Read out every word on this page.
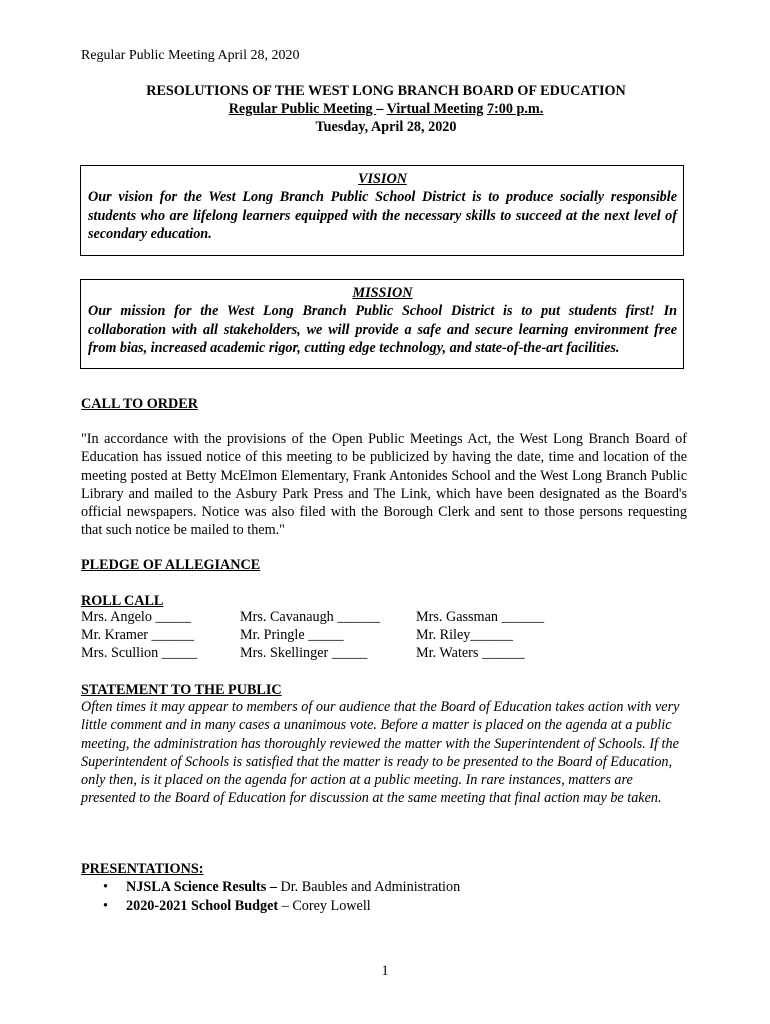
Regular Public Meeting April 28, 2020
RESOLUTIONS OF THE WEST LONG BRANCH BOARD OF EDUCATION
Regular Public Meeting – Virtual Meeting 7:00 p.m.
Tuesday, April 28, 2020
VISION
Our vision for the West Long Branch Public School District is to produce socially responsible students who are lifelong learners equipped with the necessary skills to succeed at the next level of secondary education.
MISSION
Our mission for the West Long Branch Public School District is to put students first! In collaboration with all stakeholders, we will provide a safe and secure learning environment free from bias, increased academic rigor, cutting edge technology, and state-of-the-art facilities.
CALL TO ORDER
"In accordance with the provisions of the Open Public Meetings Act, the West Long Branch Board of Education has issued notice of this meeting to be publicized by having the date, time and location of the meeting posted at Betty McElmon Elementary, Frank Antonides School and the West Long Branch Public Library and mailed to the Asbury Park Press and The Link, which have been designated as the Board's official newspapers. Notice was also filed with the Borough Clerk and sent to those persons requesting that such notice be mailed to them."
PLEDGE OF ALLEGIANCE
ROLL CALL
Mrs. Angelo _____
Mr. Kramer ______
Mrs. Scullion _____
Mrs. Cavanaugh ______
Mr. Pringle _____
Mrs. Skellinger _____
Mrs. Gassman ______
Mr. Riley______
Mr. Waters ______
STATEMENT TO THE PUBLIC
Often times it may appear to members of our audience that the Board of Education takes action with very little comment and in many cases a unanimous vote. Before a matter is placed on the agenda at a public meeting, the administration has thoroughly reviewed the matter with the Superintendent of Schools. If the Superintendent of Schools is satisfied that the matter is ready to be presented to the Board of Education, only then, is it placed on the agenda for action at a public meeting. In rare instances, matters are presented to the Board of Education for discussion at the same meeting that final action may be taken.
PRESENTATIONS:
• NJSLA Science Results – Dr. Baubles and Administration
• 2020-2021 School Budget – Corey Lowell
1
